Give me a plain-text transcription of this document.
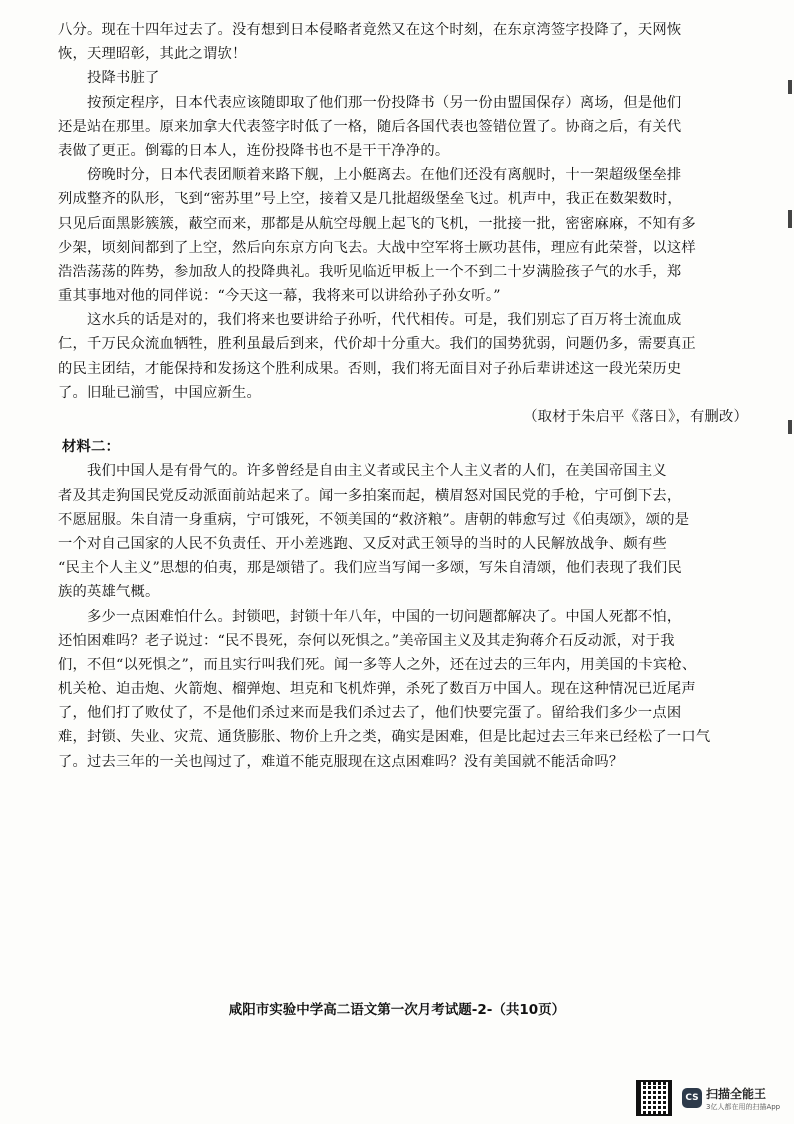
八分。现在十四年过去了。没有想到日本侵略者竟然又在这个时刻，在东京湾签字投降了，天网恢
恢，天理昭彰，其此之谓欤！
投降书脏了
按预定程序，日本代表应该随即取了他们那一份投降书（另一份由盟国保存）离场，但是他们
还是站在那里。原来加拿大代表签字时低了一格，随后各国代表也签错位置了。协商之后，有关代
表做了更正。倒霉的日本人，连份投降书也不是干干净净的。
傍晚时分，日本代表团顺着来路下舰，上小艇离去。在他们还没有离舰时，十一架超级堡垒排
列成整齐的队形，飞到“密苏里”号上空，接着又是几批超级堡垒飞过。机声中，我正在数架数时，
只见后面黑影簇簇，蔽空而来，那都是从航空母舰上起飞的飞机，一批接一批，密密麻麻，不知有多
少架，顷刻间都到了上空，然后向东京方向飞去。大战中空军将士厥功甚伟，理应有此荣誉，以这样
浩浩荡荡的阵势，参加敌人的投降典礼。我听见临近甲板上一个不到二十岁满脸孩子气的水手，郑
重其事地对他的同伴说：“今天这一幕，我将来可以讲给孙子孙女听。”
这水兵的话是对的，我们将来也要讲给子孙听，代代相传。可是，我们别忘了百万将士流血成
仁，千万民众流血牺牲，胜利虽最后到来，代价却十分重大。我们的国势犹弱，问题仍多，需要真正
的民主团结，才能保持和发扬这个胜利成果。否则，我们将无面目对子孙后辈讲述这一段光荣历史
了。旧耻已湔雪，中国应新生。
（取材于朱启平《落日》，有删改）
材料二：
我们中国人是有骨气的。许多曾经是自由主义者或民主个人主义者的人们，在美国帝国主义
者及其走狗国民党反动派面前站起来了。闻一多拍案而起，横眉怒对国民党的手枪，宁可倒下去，
不愿屈服。朱自清一身重病，宁可饿死，不领美国的“救济粮”。唐朝的韩愈写过《伯夷颂》，颂的是
一个对自己国家的人民不负责任、开小差逃跑、又反对武王领导的当时的人民解放战争、颇有些
“民主个人主义”思想的伯夷，那是颂错了。我们应当写闻一多颂，写朱自清颂，他们表现了我们民
族的英雄气概。
多少一点困难怕什么。封锁吧，封锁十年八年，中国的一切问题都解决了。中国人死都不怕，
还怕困难吗？老子说过：“民不畏死，奈何以死惧之。”美帝国主义及其走狗蒋介石反动派，对于我
们，不但“以死惧之”，而且实行叫我们死。闻一多等人之外，还在过去的三年内，用美国的卡宾枪、
机关枪、迫击炮、火箭炮、榴弹炮、坦克和飞机炸弹，杀死了数百万中国人。现在这种情况已近尾声
了，他们打了败仗了，不是他们杀过来而是我们杀过去了，他们快要完蛋了。留给我们多少一点困
难，封锁、失业、灾荒、通货膨胀、物价上升之类，确实是困难，但是比起过去三年来已经松了一口气
了。过去三年的一关也闯过了，难道不能克服现在这点困难吗？没有美国就不能活命吗？
咸阳市实验中学高二语文第一次月考试题-2-（共10页）
CS 扫描全能王
3亿人都在用的扫描App
